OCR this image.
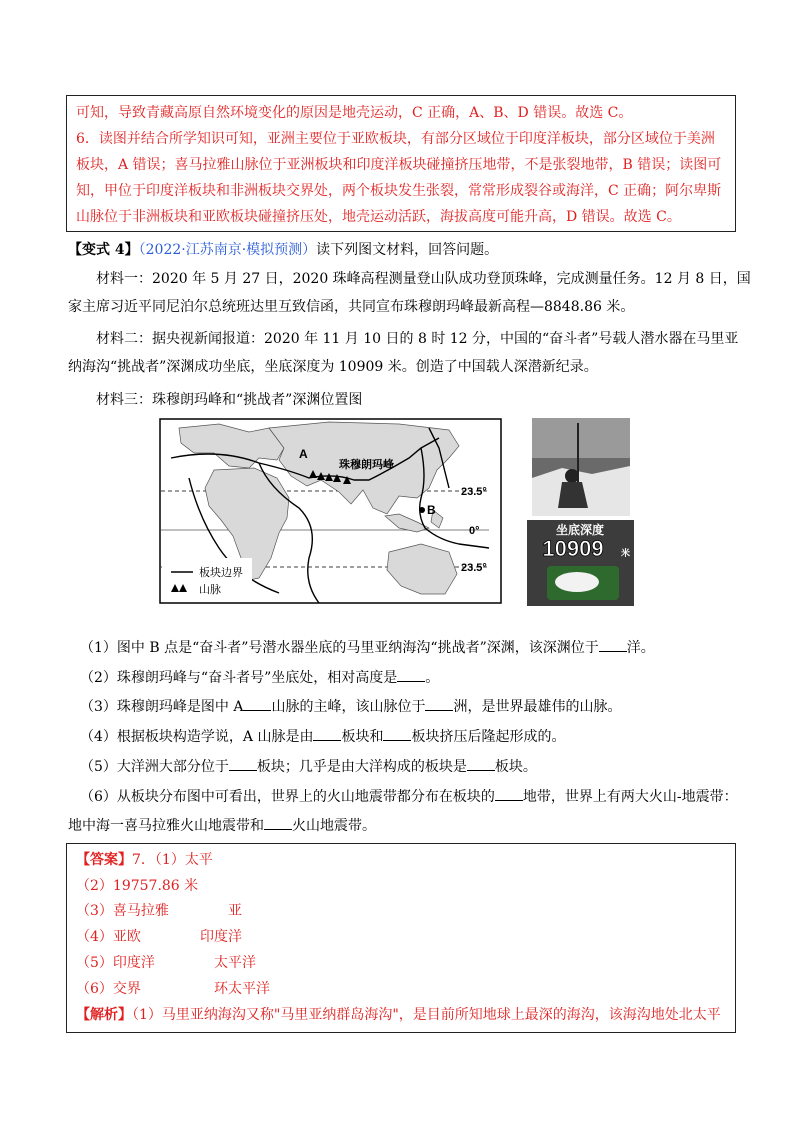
可知，导致青藏高原自然环境变化的原因是地壳运动，C 正确，A、B、D 错误。故选 C。
6．读图并结合所学知识可知，亚洲主要位于亚欧板块，有部分区域位于印度洋板块，部分区域位于美洲
板块，A 错误；喜马拉雅山脉位于亚洲板块和印度洋板块碰撞挤压地带，不是张裂地带，B 错误；读图可
知，甲位于印度洋板块和非洲板块交界处，两个板块发生张裂，常常形成裂谷或海洋，C 正确；阿尔卑斯
山脉位于非洲板块和亚欧板块碰撞挤压处，地壳运动活跃，海拔高度可能升高，D 错误。故选 C。
【变式 4】（2022·江苏南京·模拟预测）读下列图文材料，回答问题。
材料一：2020 年 5 月 27 日，2020 珠峰高程测量登山队成功登顶珠峰，完成测量任务。12 月 8 日，国
家主席习近平同尼泊尔总统班达里互致信函，共同宣布珠穆朗玛峰最新高程—8848.86 米。
材料二：据央视新闻报道：2020 年 11 月 10 日的 8 时 12 分，中国的“奋斗者”号载人潜水器在马里亚
纳海沟“挑战者”深渊成功坐底，坐底深度为 10909 米。创造了中国载人深潜新纪录。
材料三：珠穆朗玛峰和“挑战者”深渊位置图
A
珠穆朗玛峰
B
23.5°
0°
23.5°
板块边界
山脉
坐底深度
10909 米
（1）图中 B 点是“奋斗者”号潜水器坐底的马里亚纳海沟“挑战者”深渊，该深渊位于 洋。
（2）珠穆朗玛峰与“奋斗者号”坐底处，相对高度是 。
（3）珠穆朗玛峰是图中 A 山脉的主峰，该山脉位于 洲，是世界最雄伟的山脉。
（4）根据板块构造学说，A 山脉是由 板块和 板块挤压后隆起形成的。
（5）大洋洲大部分位于 板块；几乎是由大洋构成的板块是 板块。
（6）从板块分布图中可看出，世界上的火山地震带都分布在板块的 地带，世界上有两大火山-地震带：
地中海一喜马拉雅火山地震带和 火山地震带。
【答案】7．（1）太平
（2）19757.86 米
（3）喜马拉雅	亚
（4）亚欧	印度洋
（5）印度洋	太平洋
（6）交界	环太平洋
【解析】（1）马里亚纳海沟又称"马里亚纳群岛海沟"，是目前所知地球上最深的海沟，该海沟地处北太平
